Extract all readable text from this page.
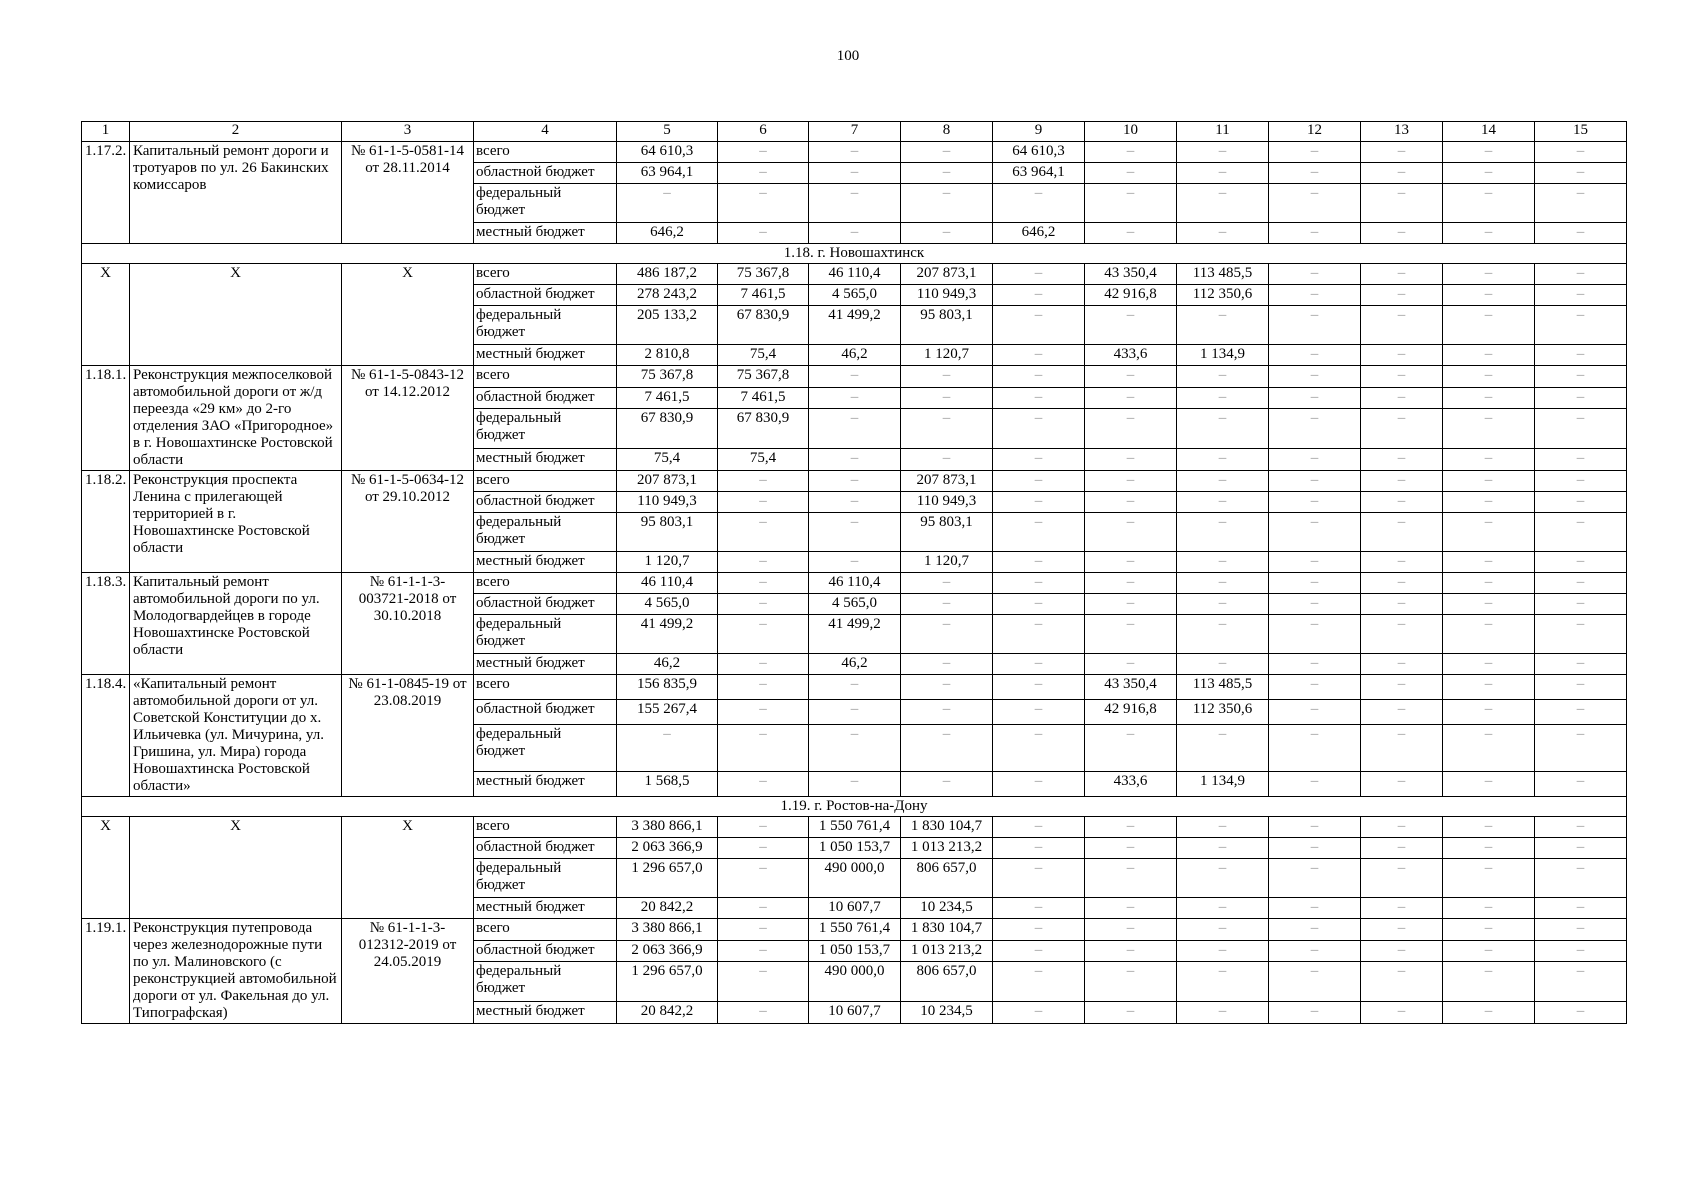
100
1	2	3	4	5	6	7	8	9	10	11	12	13	14	15
1.17.2.	Капитальный ремонт дороги и тротуаров по ул. 26 Бакинских комиссаров	№ 61-1-5-0581-14 от 28.11.2014	всего	64 610,3	–	–	–	64 610,3	–	–	–	–	–	–
			областной бюджет	63 964,1	–	–	–	63 964,1	–	–	–	–	–	–
			федеральный бюджет	–	–	–	–	–	–	–	–	–	–	–
			местный бюджет	646,2	–	–	–	646,2	–	–	–	–	–	–
1.18. г. Новошахтинск														
Х	Х	Х	всего	486 187,2	75 367,8	46 110,4	207 873,1	–	43 350,4	113 485,5	–	–	–	–
			областной бюджет	278 243,2	7 461,5	4 565,0	110 949,3	–	42 916,8	112 350,6	–	–	–	–
			федеральный бюджет	205 133,2	67 830,9	41 499,2	95 803,1	–	–	–	–	–	–	–
			местный бюджет	2 810,8	75,4	46,2	1 120,7	–	433,6	1 134,9	–	–	–	–
1.18.1.	Реконструкция межпоселковой автомобильной дороги от ж/д переезда «29 км» до 2-го отделения ЗАО «Пригородное» в г. Новошахтинске Ростовской области	№ 61-1-5-0843-12 от 14.12.2012	всего	75 367,8	75 367,8	–	–	–	–	–	–	–	–	–
			областной бюджет	7 461,5	7 461,5	–	–	–	–	–	–	–	–	–
			федеральный бюджет	67 830,9	67 830,9	–	–	–	–	–	–	–	–	–
			местный бюджет	75,4	75,4	–	–	–	–	–	–	–	–	–
1.18.2.	Реконструкция проспекта Ленина с прилегающей территорией в г. Новошахтинске Ростовской области	№ 61-1-5-0634-12 от 29.10.2012	всего	207 873,1	–	–	207 873,1	–	–	–	–	–	–	–
			областной бюджет	110 949,3	–	–	110 949,3	–	–	–	–	–	–	–
			федеральный бюджет	95 803,1	–	–	95 803,1	–	–	–	–	–	–	–
			местный бюджет	1 120,7	–	–	1 120,7	–	–	–	–	–	–	–
1.18.3.	Капитальный ремонт автомобильной дороги по ул. Молодогвардейцев в городе Новошахтинске Ростовской области	№ 61-1-1-3-003721-2018 от 30.10.2018	всего	46 110,4	–	46 110,4	–	–	–	–	–	–	–	–
			областной бюджет	4 565,0	–	4 565,0	–	–	–	–	–	–	–	–
			федеральный бюджет	41 499,2	–	41 499,2	–	–	–	–	–	–	–	–
			местный бюджет	46,2	–	46,2	–	–	–	–	–	–	–	–
1.18.4.	«Капитальный ремонт автомобильной дороги от ул. Советской Конституции до х. Ильичевка (ул. Мичурина, ул. Гришина, ул. Мира) города Новошахтинска Ростовской области»	№ 61-1-0845-19 от 23.08.2019	всего	156 835,9	–	–	–	–	43 350,4	113 485,5	–	–	–	–
			областной бюджет	155 267,4	–	–	–	–	42 916,8	112 350,6	–	–	–	–
			федеральный бюджет	–	–	–	–	–	–	–	–	–	–	–
			местный бюджет	1 568,5	–	–	–	–	433,6	1 134,9	–	–	–	–
1.19. г. Ростов-на-Дону														
Х	Х	Х	всего	3 380 866,1	–	1 550 761,4	1 830 104,7	–	–	–	–	–	–	–
			областной бюджет	2 063 366,9	–	1 050 153,7	1 013 213,2	–	–	–	–	–	–	–
			федеральный бюджет	1 296 657,0	–	490 000,0	806 657,0	–	–	–	–	–	–	–
			местный бюджет	20 842,2	–	10 607,7	10 234,5	–	–	–	–	–	–	–
1.19.1.	Реконструкция путепровода через железнодорожные пути по ул. Малиновского (с реконструкцией автомобильной дороги от ул. Факельная до ул. Типографская)	№ 61-1-1-3-012312-2019 от 24.05.2019	всего	3 380 866,1	–	1 550 761,4	1 830 104,7	–	–	–	–	–	–	–
			областной бюджет	2 063 366,9	–	1 050 153,7	1 013 213,2	–	–	–	–	–	–	–
			федеральный бюджет	1 296 657,0	–	490 000,0	806 657,0	–	–	–	–	–	–	–
			местный бюджет	20 842,2	–	10 607,7	10 234,5	–	–	–	–	–	–	–
